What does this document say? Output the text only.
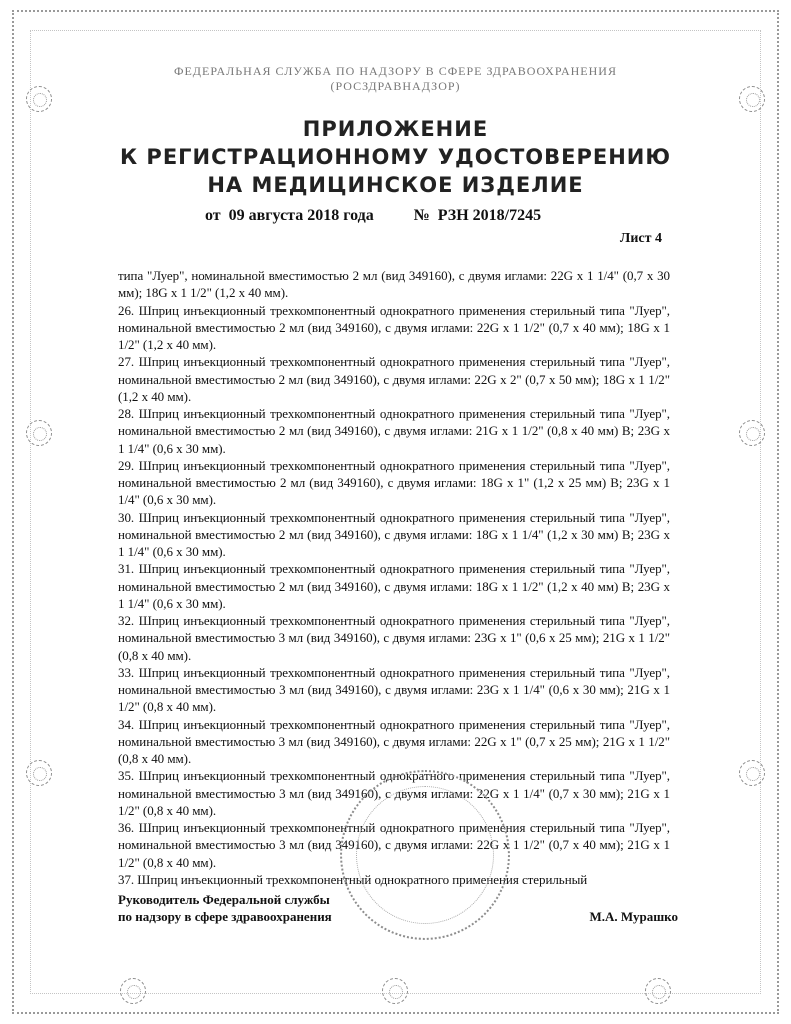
ФЕДЕРАЛЬНАЯ СЛУЖБА ПО НАДЗОРУ В СФЕРЕ ЗДРАВООХРАНЕНИЯ
(РОСЗДРАВНАДЗОР)
ПРИЛОЖЕНИЕ
К РЕГИСТРАЦИОННОМУ УДОСТОВЕРЕНИЮ
НА МЕДИЦИНСКОЕ ИЗДЕЛИЕ
от  09 августа 2018 года	№  РЗН 2018/7245
Лист 4

типа "Луер", номинальной вместимостью 2 мл (вид 349160), с двумя иглами: 22G x 1 1/4" (0,7 x 30 мм); 18G x 1 1/2" (1,2 x 40 мм).

26. Шприц инъекционный трехкомпонентный однократного применения стерильный типа "Луер", номинальной вместимостью 2 мл (вид 349160), с двумя иглами: 22G x 1 1/2" (0,7 x 40 мм); 18G x 1 1/2" (1,2 x 40 мм).

27. Шприц инъекционный трехкомпонентный однократного применения стерильный типа "Луер", номинальной вместимостью 2 мл (вид 349160), с двумя иглами: 22G x 2" (0,7 x 50 мм); 18G x 1 1/2" (1,2 x 40 мм).

28. Шприц инъекционный трехкомпонентный однократного применения стерильный типа "Луер", номинальной вместимостью 2 мл (вид 349160), с двумя иглами: 21G x 1 1/2" (0,8 x 40 мм) B; 23G x 1 1/4" (0,6 x 30 мм).

29. Шприц инъекционный трехкомпонентный однократного применения стерильный типа "Луер", номинальной вместимостью 2 мл (вид 349160), с двумя иглами: 18G x 1" (1,2 x 25 мм) B; 23G x 1 1/4" (0,6 x 30 мм).

30. Шприц инъекционный трехкомпонентный однократного применения стерильный типа "Луер", номинальной вместимостью 2 мл (вид 349160), с двумя иглами: 18G x 1 1/4" (1,2 x 30 мм) B; 23G x 1 1/4" (0,6 x 30 мм).

31. Шприц инъекционный трехкомпонентный однократного применения стерильный типа "Луер", номинальной вместимостью 2 мл (вид 349160), с двумя иглами: 18G x 1 1/2" (1,2 x 40 мм) B; 23G x 1 1/4" (0,6 x 30 мм).

32. Шприц инъекционный трехкомпонентный однократного применения стерильный типа "Луер", номинальной вместимостью 3 мл (вид 349160), с двумя иглами: 23G x 1" (0,6 x 25 мм); 21G x 1 1/2" (0,8 x 40 мм).

33. Шприц инъекционный трехкомпонентный однократного применения стерильный типа "Луер", номинальной вместимостью 3 мл (вид 349160), с двумя иглами: 23G x 1 1/4" (0,6 x 30 мм); 21G x 1 1/2" (0,8 x 40 мм).

34. Шприц инъекционный трехкомпонентный однократного применения стерильный типа "Луер", номинальной вместимостью 3 мл (вид 349160), с двумя иглами: 22G x 1" (0,7 x 25 мм); 21G x 1 1/2" (0,8 x 40 мм).

35. Шприц инъекционный трехкомпонентный однократного применения стерильный типа "Луер", номинальной вместимостью 3 мл (вид 349160), с двумя иглами: 22G x 1 1/4" (0,7 x 30 мм); 21G x 1 1/2" (0,8 x 40 мм).

36. Шприц инъекционный трехкомпонентный однократного применения стерильный типа "Луер", номинальной вместимостью 3 мл (вид 349160), с двумя иглами: 22G x 1 1/2" (0,7 x 40 мм); 21G x 1 1/2" (0,8 x 40 мм).

37. Шприц инъекционный трехкомпонентный однократного применения стерильный

Руководитель Федеральной службы
по надзору в сфере здравоохранения	М.А. Мурашко
